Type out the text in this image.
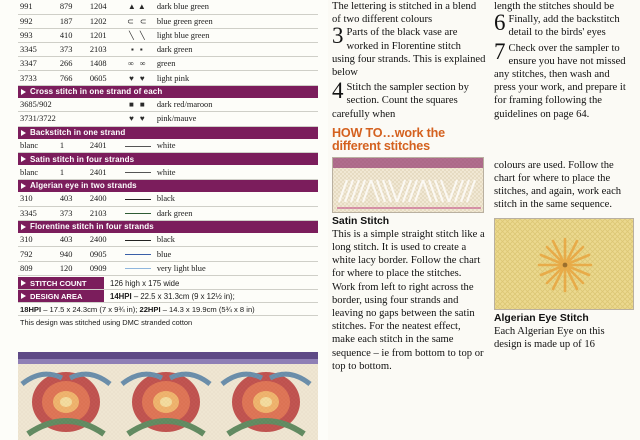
991	879	1204	▲▲	dark blue green
992	187	1202	⊂ ⊂	blue green green
993	410	1201	╲ ╲	light blue green
3345	373	2103	▪ ▪	dark green
3347	266	1408	∞ ∞	green
3733	766	0605	♥ ♥	light pink
Cross stitch in one strand of each				
3685/902			■ ■	dark red/maroon
3731/3722			♥ ♥	pink/mauve
Backstitch in one strand				
blanc	1	2401		white
Satin stitch in four strands				
blanc	1	2401		white
Algerian eye in two strands				
310	403	2400		black
3345	373	2103		dark green
Florentine stitch in four strands				
310	403	2400		black
792	940	0905		blue
809	120	0909		very light blue
STITCH COUNT	126 high x 175 wide
DESIGN AREA	14HPI – 22.5 x 31.3cm (9 x 12½ in);
18HPI – 17.5 x 24.3cm (7 x 9¾ in); 22HPI – 14.3 x 19.9cm (5¾ x 8 in)
This design was stitched using DMC stranded cotton
The lettering is stitched in a blend of two different colours
3 Parts of the black vase are worked in Florentine stitch using four strands. This is explained below
4 Stitch the sampler section by section. Count the squares carefully when
HOW TO…work the different stitches
Satin Stitch
This is a simple straight stitch like a long stitch. It is used to create a white lacy border. Follow the chart for where to place the stitches. Work from left to right across the border, using four strands and leaving no gaps between the satin stitches. For the neatest effect, make each stitch in the same sequence – ie from bottom to top or top to bottom.
length the stitches should be
6 Finally, add the backstitch detail to the birds' eyes
7 Check over the sampler to ensure you have not missed any stitches, then wash and press your work, and prepare it for framing following the guidelines on page 64.
colours are used. Follow the chart for where to place the stitches, and again, work each stitch in the same sequence.
Algerian Eye Stitch
Each Algerian Eye on this design is made up of 16
